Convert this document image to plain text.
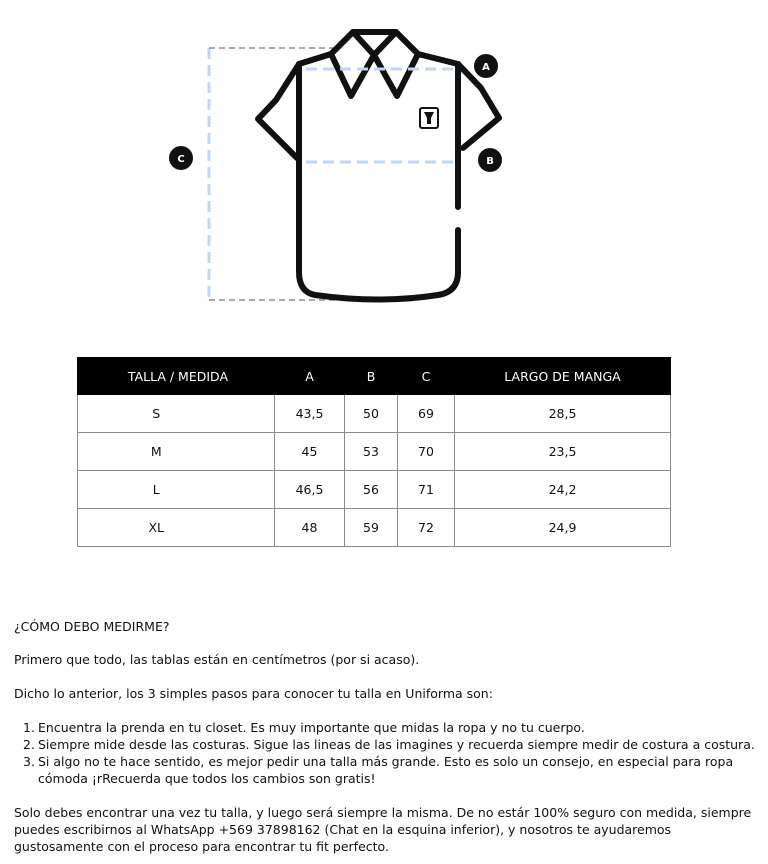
A
B
C
TALLA / MEDIDA		A	B	C	LARGO DE MANGA
S		43,5	50	69	28,5
M		45	53	70	23,5
L		46,5	56	71	24,2
XL		48	59	72	24,9

¿CÓMO DEBO MEDIRME?

Primero que todo, las tablas están en centímetros (por si acaso).

Dicho lo anterior, los 3 simples pasos para conocer tu talla en Uniforma son:

1. Encuentra la prenda en tu closet. Es muy importante que midas la ropa y no tu cuerpo.
2. Siempre mide desde las costuras. Sigue las lineas de las imagines y recuerda siempre medir de costura a costura.
3. Si algo no te hace sentido, es mejor pedir una talla más grande. Esto es solo un consejo, en especial para ropa cómoda ¡rRecuerda que todos los cambios son gratis!

Solo debes encontrar una vez tu talla, y luego será siempre la misma. De no estár 100% seguro con medida, siempre puedes escribirnos al WhatsApp +569 37898162 (Chat en la esquina inferior), y nosotros te ayudaremos gustosamente con el proceso para encontrar tu fit perfecto.
